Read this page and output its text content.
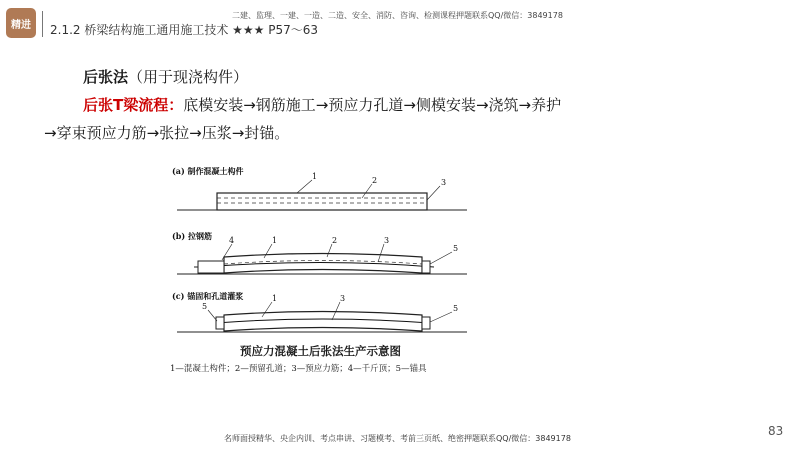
精进 2.1.2 桥梁结构施工通用施工技术 ★★★ P57～63
二建、监理、一建、一造、二造、安全、消防、咨询、检测课程押题联系QQ/微信：3849178
后张法（用于现浇构件）
后张T梁流程：底模安装→钢筋施工→预应力孔道→侧模安装→浇筑→养护
→穿束预应力筋→张拉→压浆→封锚。
(a) 制作混凝土构件
1	2	3
(b) 拉钢筋 4	1	2	3
5
(c) 锚固和孔道灌浆	1	3
5	5
预应力混凝土后张法生产示意图
1—混凝土构件；2—预留孔道；3—预应力筋；4—千斤顶；5—锚具
名师面授精华、央企内训、考点串讲、习题模考、考前三页纸、绝密押题联系QQ/微信：3849178
83
